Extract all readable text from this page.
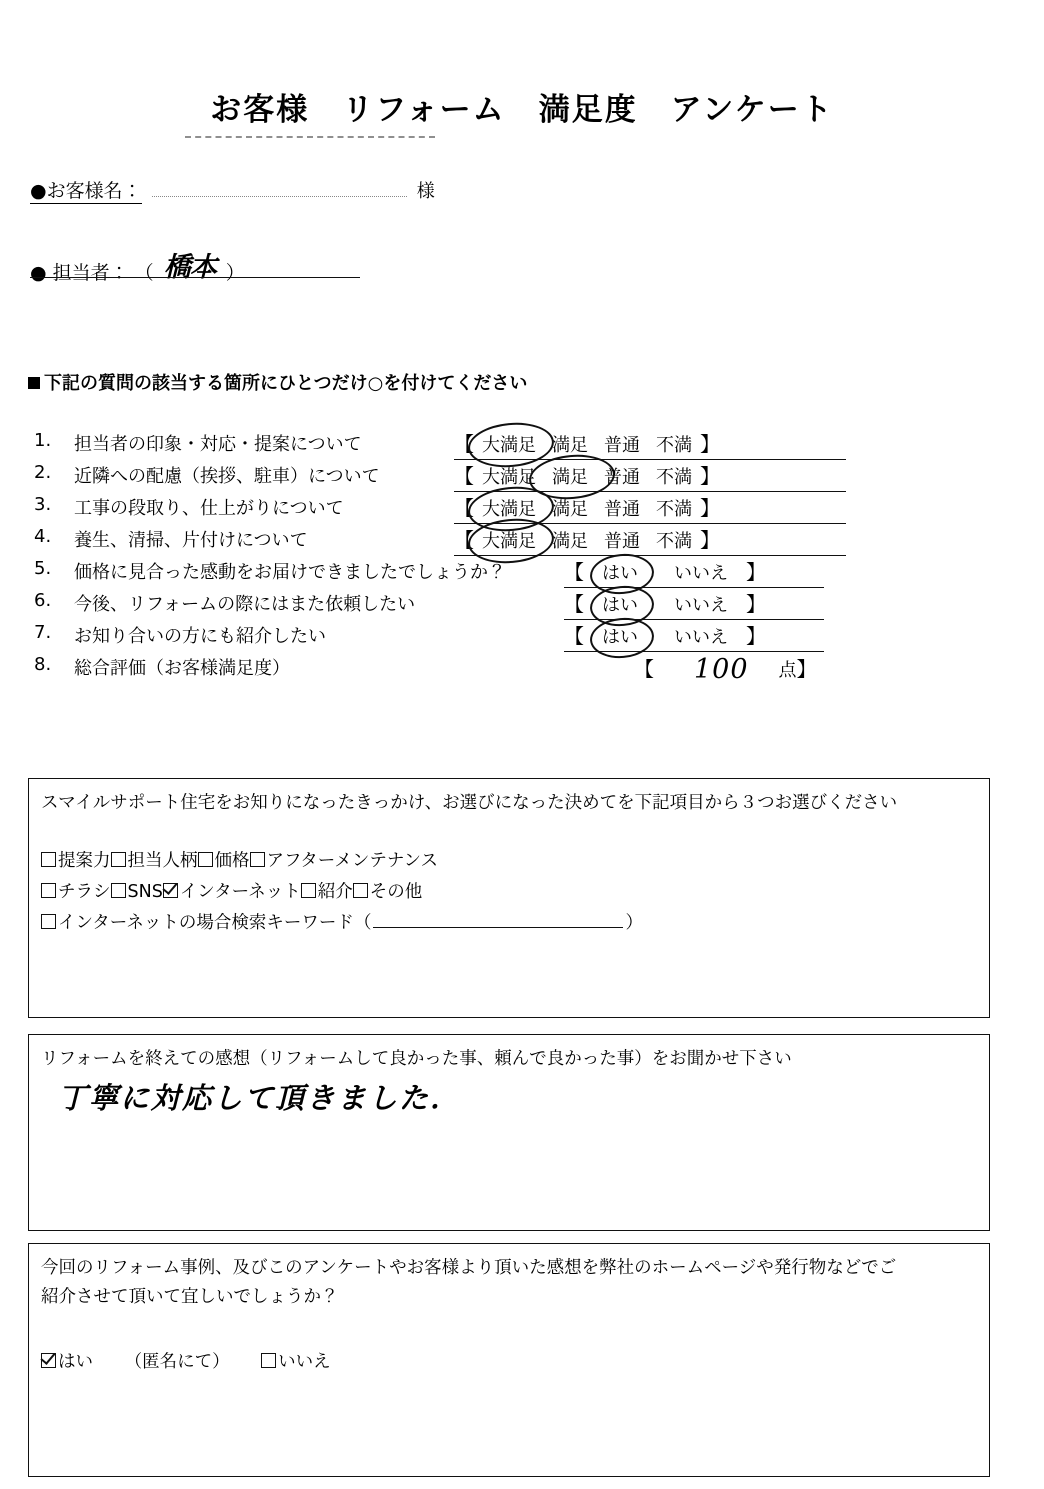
お客様　リフォーム　満足度　アンケート
●お客様名：	様
● 担当者： （ 橋本 ）
下記の質問の該当する箇所にひとつだけ○を付けてください
1.	担当者の印象・対応・提案について	【 大満足 満足 普通 不満 】
2.	近隣への配慮（挨拶、駐車）について	【 大満足 満足 普通 不満 】
3.	工事の段取り、仕上がりについて	【 大満足 満足 普通 不満 】
4.	養生、清掃、片付けについて	【 大満足 満足 普通 不満 】
5.	価格に見合った感動をお届けできましたでしょうか？	【 はい いいえ 】
6.	今後、リフォームの際にはまた依頼したい	【 はい いいえ 】
7.	お知り合いの方にも紹介したい	【 はい いいえ 】
8.	総合評価（お客様満足度）	【 100 点】
スマイルサポート住宅をお知りになったきっかけ、お選びになった決めてを下記項目から３つお選びください
提案力 担当人柄 価格 アフターメンテナンス
チラシ SNS インターネット 紹介 その他
インターネットの場合検索キーワード（	）
リフォームを終えての感想（リフォームして良かった事、頼んで良かった事）をお聞かせ下さい
丁寧に対応して頂きました．
今回のリフォーム事例、及びこのアンケートやお客様より頂いた感想を弊社のホームページや発行物などでご
紹介させて頂いて宜しいでしょうか？
はい （匿名にて）	いいえ
